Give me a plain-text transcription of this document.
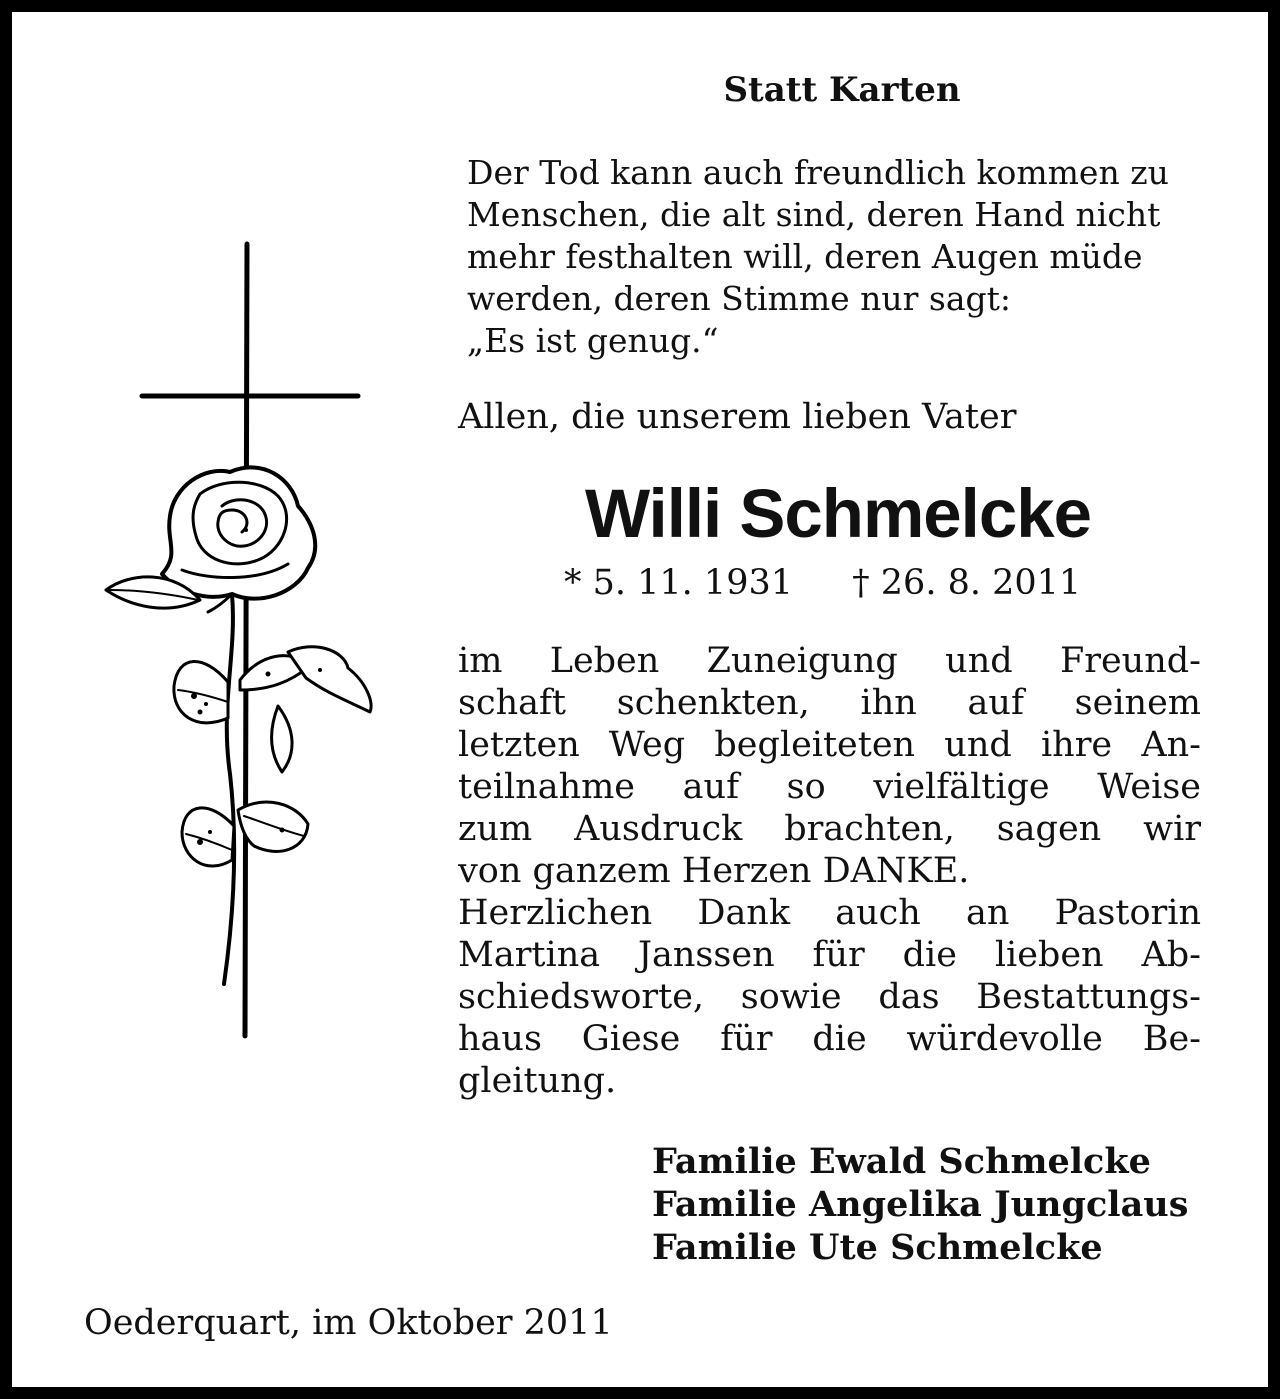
Statt Karten
Der Tod kann auch freundlich kommen zu
Menschen, die alt sind, deren Hand nicht
mehr festhalten will, deren Augen müde
werden, deren Stimme nur sagt:
„Es ist genug.“
Allen, die unserem lieben Vater
Willi Schmelcke
* 5. 11. 1931 † 26. 8. 2011
im Leben Zuneigung und Freund-
schaft schenkten, ihn auf seinem
letzten Weg begleiteten und ihre An-
teilnahme auf so vielfältige Weise
zum Ausdruck brachten, sagen wir
von ganzem Herzen DANKE.
Herzlichen Dank auch an Pastorin
Martina Janssen für die lieben Ab-
schiedsworte, sowie das Bestattungs-
haus Giese für die würdevolle Be-
gleitung.
Familie Ewald Schmelcke
Familie Angelika Jungclaus
Familie Ute Schmelcke
Oederquart, im Oktober 2011
